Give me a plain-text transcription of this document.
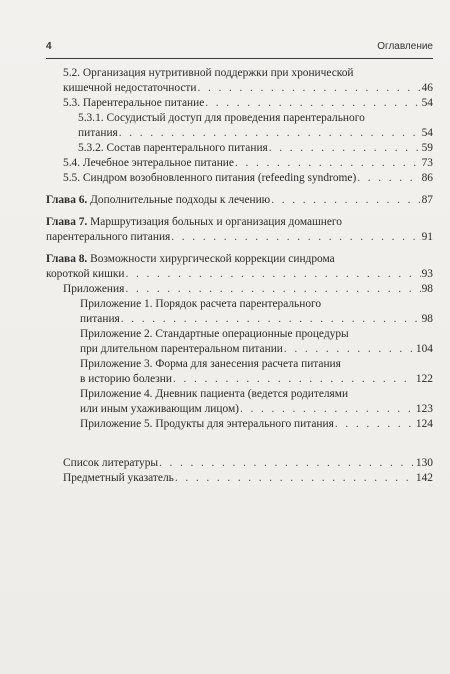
4	Оглавление
5.2. Организация нутритивной поддержки при хронической
кишечной недостаточности . . .	46
5.3. Парентеральное питание . . .	54
5.3.1. Сосудистый доступ для проведения парентерального
питания . . .	54
5.3.2. Состав парентерального питания . . .	59
5.4. Лечебное энтеральное питание . . .	73
5.5. Синдром возобновленного питания (refeeding syndrome) . . .	86
Глава 6. Дополнительные подходы к лечению . . .	87
Глава 7. Маршрутизация больных и организация домашнего
парентерального питания . . .	91
Глава 8. Возможности хирургической коррекции синдрома
короткой кишки . . .	93
Приложения . . .	98
Приложение 1. Порядок расчета парентерального
питания . . .	98
Приложение 2. Стандартные операционные процедуры
при длительном парентеральном питании . . .	104
Приложение 3. Форма для занесения расчета питания
в историю болезни . . .	122
Приложение 4. Дневник пациента (ведется родителями
или иным ухаживающим лицом) . . .	123
Приложение 5. Продукты для энтерального питания . . .	124
Список литературы . . .	130
Предметный указатель . . .	142
